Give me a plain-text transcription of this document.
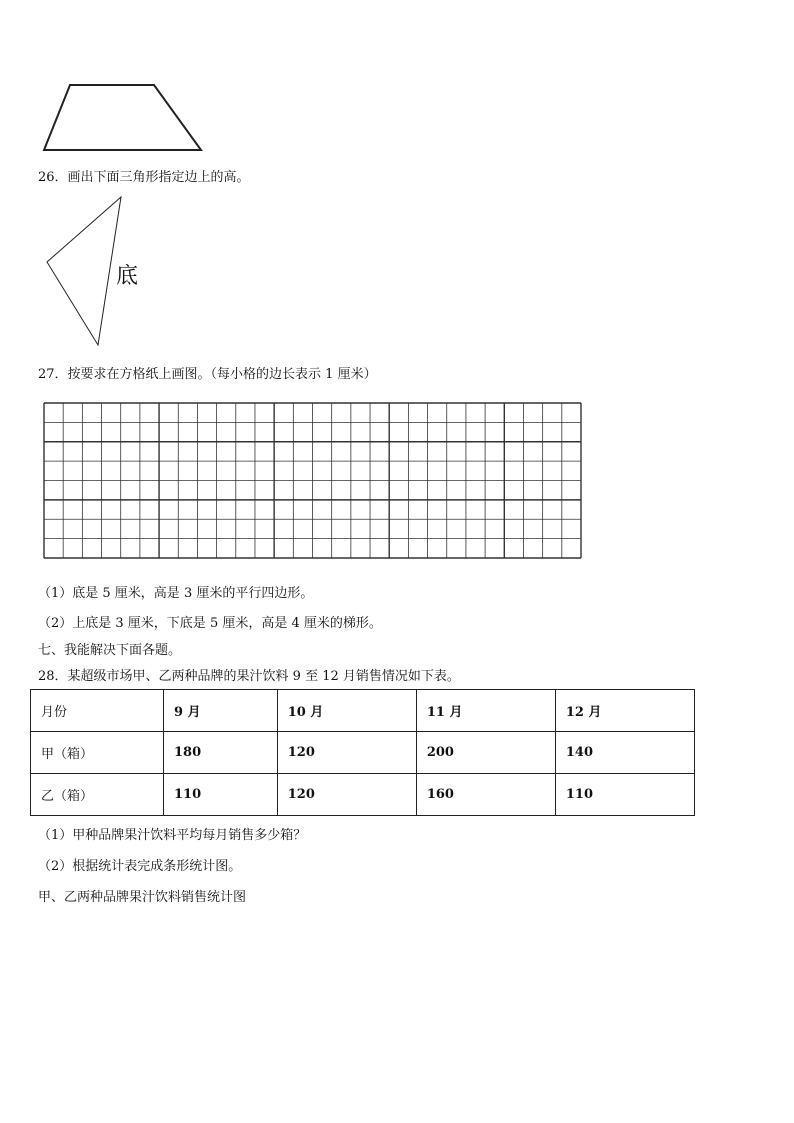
26．画出下面三角形指定边上的高。
底
27．按要求在方格纸上画图。（每小格的边长表示 1 厘米）
（1）底是 5 厘米，高是 3 厘米的平行四边形。
（2）上底是 3 厘米，下底是 5 厘米，高是 4 厘米的梯形。
七、我能解决下面各题。
28．某超级市场甲、乙两种品牌的果汁饮料 9 至 12 月销售情况如下表。
月份	9 月	10 月	11 月	12 月
甲（箱）	180	120	200	140
乙（箱）	110	120	160	110
（1）甲种品牌果汁饮料平均每月销售多少箱？
（2）根据统计表完成条形统计图。
甲、乙两种品牌果汁饮料销售统计图
